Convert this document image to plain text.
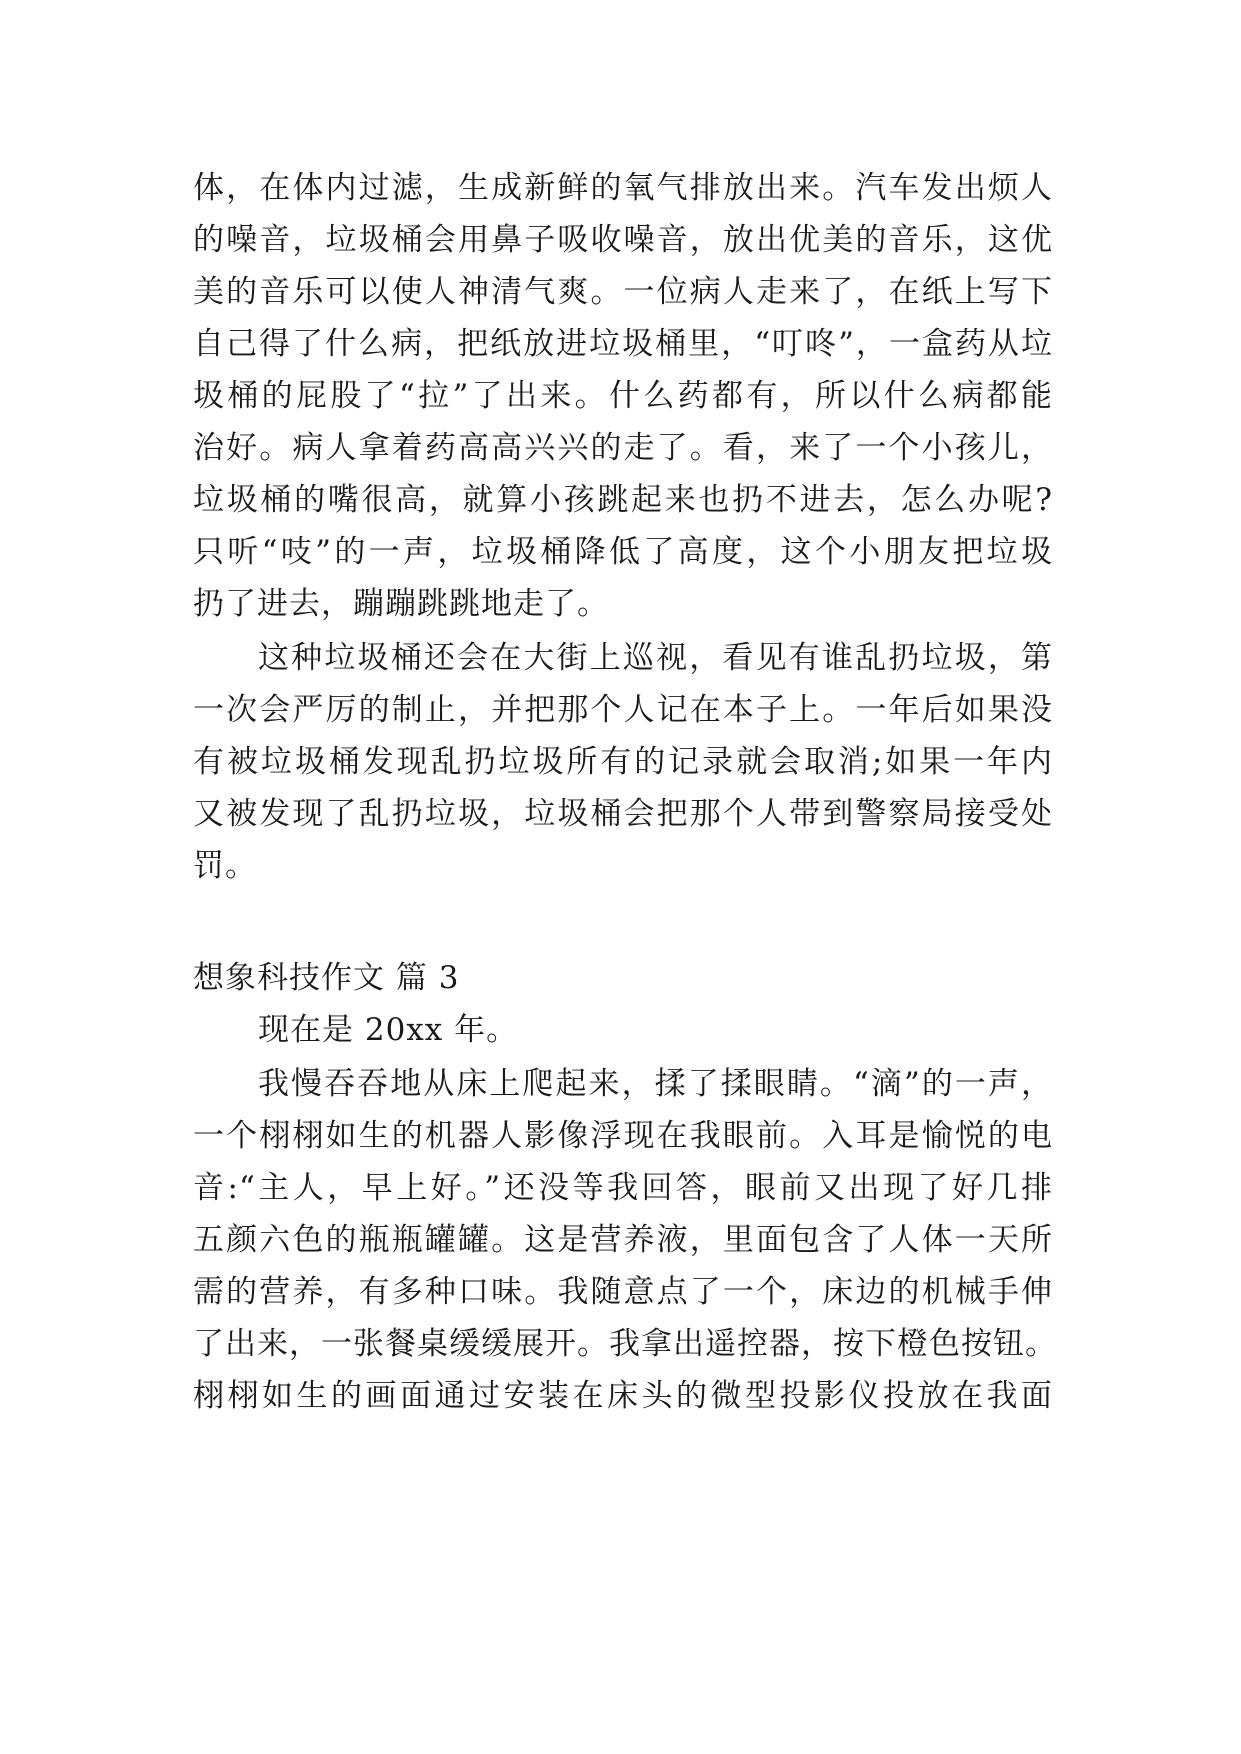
体，在体内过滤，生成新鲜的氧气排放出来。汽车发出烦人
的噪音，垃圾桶会用鼻子吸收噪音，放出优美的音乐，这优
美的音乐可以使人神清气爽。一位病人走来了，在纸上写下
自己得了什么病，把纸放进垃圾桶里，“叮咚”，一盒药从垃
圾桶的屁股了“拉”了出来。什么药都有，所以什么病都能
治好。病人拿着药高高兴兴的走了。看，来了一个小孩儿，
垃圾桶的嘴很高，就算小孩跳起来也扔不进去，怎么办呢?
只听“吱”的一声，垃圾桶降低了高度，这个小朋友把垃圾
扔了进去，蹦蹦跳跳地走了。
这种垃圾桶还会在大街上巡视，看见有谁乱扔垃圾，第
一次会严厉的制止，并把那个人记在本子上。一年后如果没
有被垃圾桶发现乱扔垃圾所有的记录就会取消;如果一年内
又被发现了乱扔垃圾，垃圾桶会把那个人带到警察局接受处
罚。
想象科技作文 篇 3
现在是 20xx 年。
我慢吞吞地从床上爬起来，揉了揉眼睛。“滴”的一声，
一个栩栩如生的机器人影像浮现在我眼前。入耳是愉悦的电
音:“主人，早上好。”还没等我回答，眼前又出现了好几排
五颜六色的瓶瓶罐罐。这是营养液，里面包含了人体一天所
需的营养，有多种口味。我随意点了一个，床边的机械手伸
了出来，一张餐桌缓缓展开。我拿出遥控器，按下橙色按钮。
栩栩如生的画面通过安装在床头的微型投影仪投放在我面
